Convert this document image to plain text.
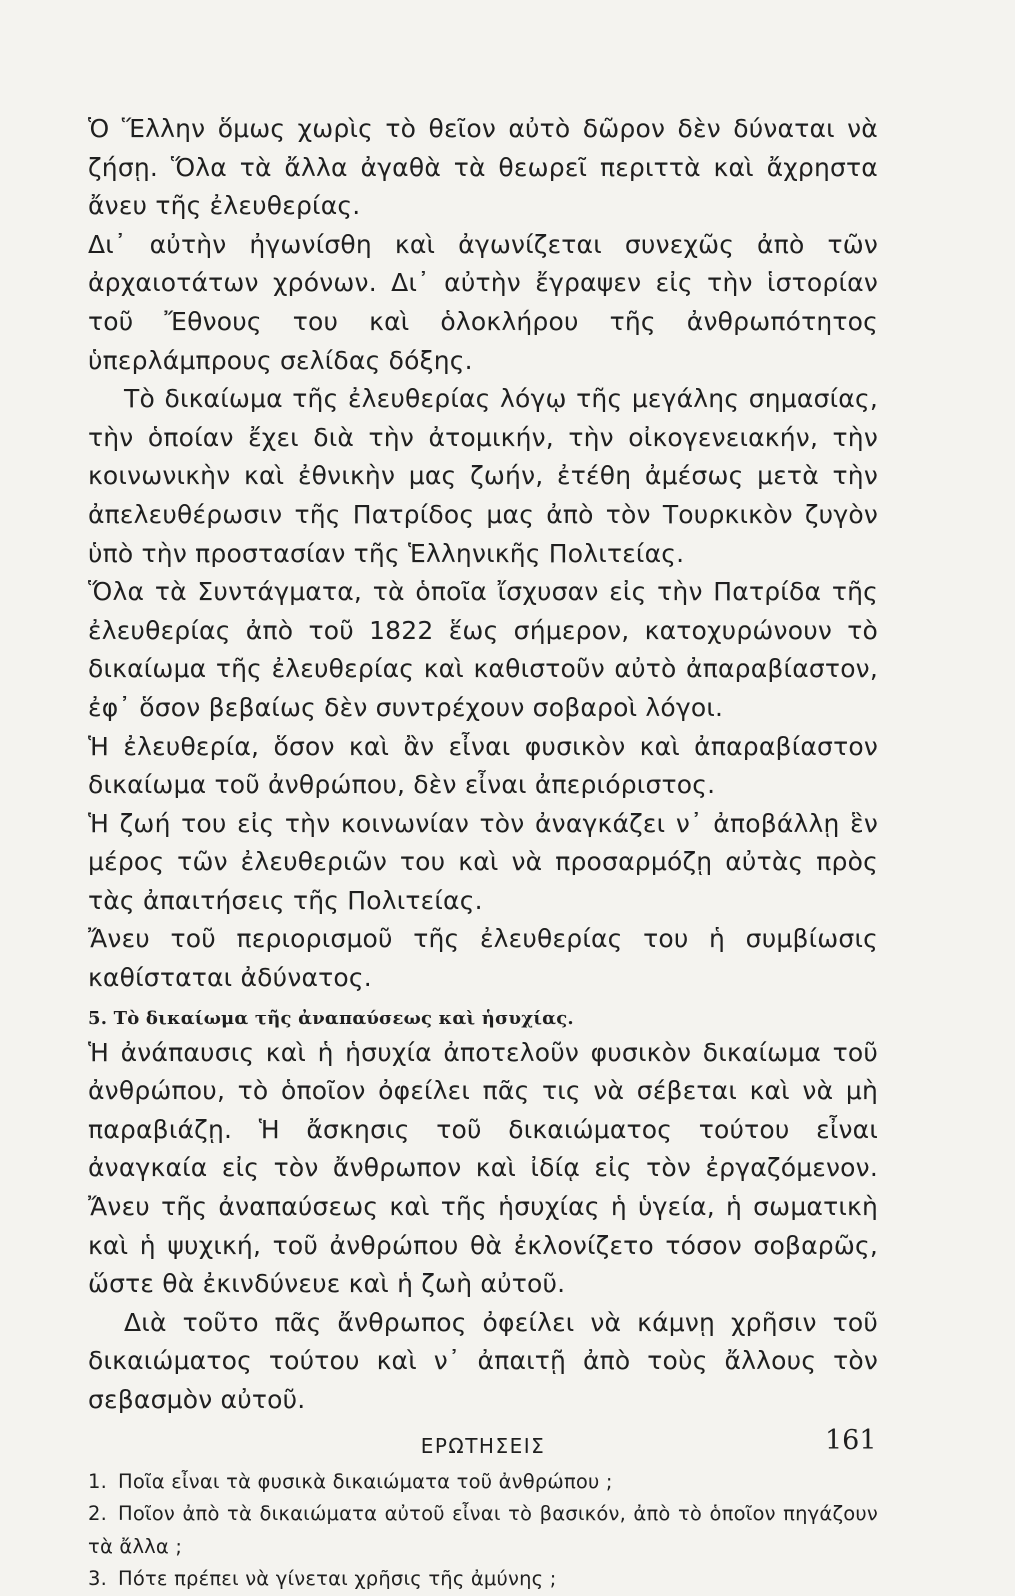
Ὁ Ἕλλην ὅμως χωρὶς τὸ θεῖον αὐτὸ δῶρον δὲν δύναται νὰ ζήσῃ. Ὅλα τὰ ἄλλα ἀγαθὰ τὰ θεωρεῖ περιττὰ καὶ ἄχρηστα ἄνευ τῆς ἐλευθερίας.

Δι᾽ αὐτὴν ἠγωνίσθη καὶ ἀγωνίζεται συνεχῶς ἀπὸ τῶν ἀρχαιοτάτων χρόνων. Δι᾽ αὐτὴν ἔγραψεν εἰς τὴν ἱστορίαν τοῦ Ἔθνους του καὶ ὁλοκλήρου τῆς ἀνθρωπότητος ὑπερλάμπρους σελίδας δόξης.

Τὸ δικαίωμα τῆς ἐλευθερίας λόγῳ τῆς μεγάλης σημασίας, τὴν ὁποίαν ἔχει διὰ τὴν ἀτομικήν, τὴν οἰκογενειακήν, τὴν κοινωνικὴν καὶ ἐθνικὴν μας ζωήν, ἐτέθη ἀμέσως μετὰ τὴν ἀπελευθέρωσιν τῆς Πατρίδος μας ἀπὸ τὸν Τουρκικὸν ζυγὸν ὑπὸ τὴν προστασίαν τῆς Ἑλληνικῆς Πολιτείας.

Ὅλα τὰ Συντάγματα, τὰ ὁποῖα ἴσχυσαν εἰς τὴν Πατρίδα τῆς ἐλευθερίας ἀπὸ τοῦ 1822 ἕως σήμερον, κατοχυρώνουν τὸ δικαίωμα τῆς ἐλευθερίας καὶ καθιστοῦν αὐτὸ ἀπαραβίαστον, ἐφ᾽ ὅσον βεβαίως δὲν συντρέχουν σοβαροὶ λόγοι.

Ἡ ἐλευθερία, ὅσον καὶ ἂν εἶναι φυσικὸν καὶ ἀπαραβίαστον δικαίωμα τοῦ ἀνθρώπου, δὲν εἶναι ἀπεριόριστος.

Ἡ ζωή του εἰς τὴν κοινωνίαν τὸν ἀναγκάζει ν᾽ ἀποβάλλῃ ἓν μέρος τῶν ἐλευθεριῶν του καὶ νὰ προσαρμόζῃ αὐτὰς πρὸς τὰς ἀπαιτήσεις τῆς Πολιτείας.

Ἄνευ τοῦ περιορισμοῦ τῆς ἐλευθερίας του ἡ συμβίωσις καθίσταται ἀδύνατος.

5. Τὸ δικαίωμα τῆς ἀναπαύσεως καὶ ἡσυχίας.

Ἡ ἀνάπαυσις καὶ ἡ ἡσυχία ἀποτελοῦν φυσικὸν δικαίωμα τοῦ ἀνθρώπου, τὸ ὁποῖον ὀφείλει πᾶς τις νὰ σέβεται καὶ νὰ μὴ παραβιάζῃ. Ἡ ἄσκησις τοῦ δικαιώματος τούτου εἶναι ἀναγκαία εἰς τὸν ἄνθρωπον καὶ ἰδίᾳ εἰς τὸν ἐργαζόμενον. Ἄνευ τῆς ἀναπαύσεως καὶ τῆς ἡσυχίας ἡ ὑγεία, ἡ σωματικὴ καὶ ἡ ψυχική, τοῦ ἀνθρώπου θὰ ἐκλονίζετο τόσον σοβαρῶς, ὥστε θὰ ἐκινδύνευε καὶ ἡ ζωὴ αὐτοῦ.

Διὰ τοῦτο πᾶς ἄνθρωπος ὀφείλει νὰ κάμνῃ χρῆσιν τοῦ δικαιώματος τούτου καὶ ν᾽ ἀπαιτῇ ἀπὸ τοὺς ἄλλους τὸν σεβασμὸν αὐτοῦ.

ΕΡΩΤΗΣΕΙΣ

1. Ποῖα εἶναι τὰ φυσικὰ δικαιώματα τοῦ ἀνθρώπου ;

2. Ποῖον ἀπὸ τὰ δικαιώματα αὐτοῦ εἶναι τὸ βασικόν, ἀπὸ τὸ ὁποῖον πηγάζουν τὰ ἄλλα ;

3. Πότε πρέπει νὰ γίνεται χρῆσις τῆς ἀμύνης ;

161
